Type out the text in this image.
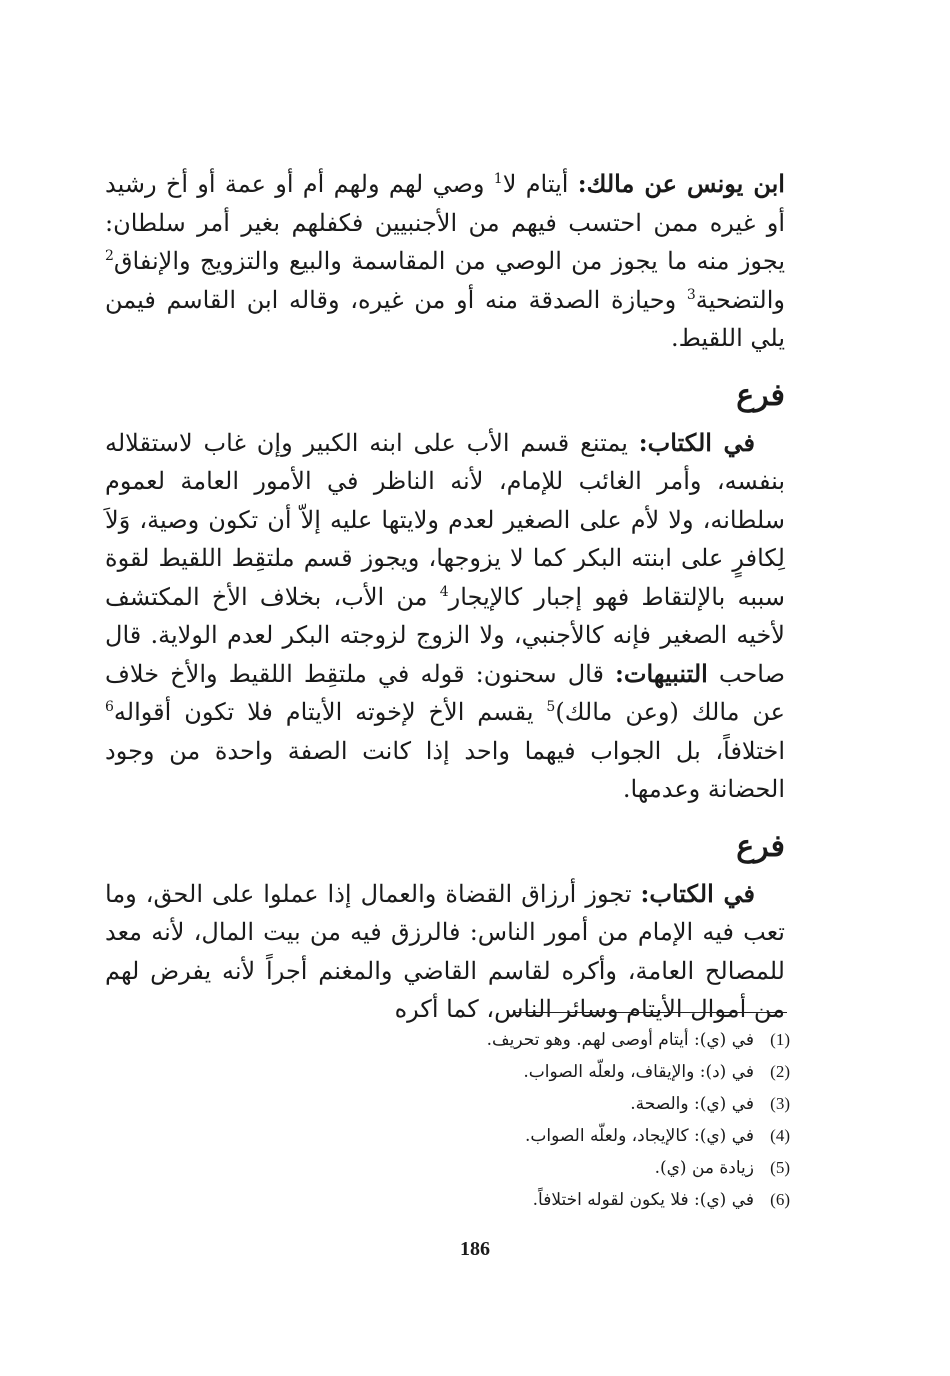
ابن يونس عن مالك: أيتام لا$^1$ وصي لهم ولهم أم أو عمة أو أخ رشيد أو غيره ممن احتسب فيهم من الأجنبيين فكفلهم بغير أمر سلطان: يجوز منه ما يجوز من الوصي من المقاسمة والبيع والتزويج والإنفاق$^2$ والتضحية$^3$ وحيازة الصدقة منه أو من غيره، وقاله ابن القاسم فيمن يلي اللقيط.

فرع

في الكتاب: يمتنع قسم الأب على ابنه الكبير وإن غاب لاستقلاله بنفسه، وأمر الغائب للإمام، لأنه الناظر في الأمور العامة لعموم سلطانه، ولا لأم على الصغير لعدم ولايتها عليه إلاّ أن تكون وصية، وَلاَ لِكافرٍ على ابنته البكر كما لا يزوجها، ويجوز قسم ملتقِط اللقيط لقوة سببه بالإلتقاط فهو إجبار كالإيجار$^4$ من الأب، بخلاف الأخ المكتشف لأخيه الصغير فإنه كالأجنبي، ولا الزوج لزوجته البكر لعدم الولاية. قال صاحب التنبيهات: قال سحنون: قوله في ملتقِط اللقيط والأخ خلاف عن مالك (وعن مالك)$^5$ يقسم الأخ لإخوته الأيتام فلا تكون أقواله$^6$ اختلافاً، بل الجواب فيهما واحد إذا كانت الصفة واحدة من وجود الحضانة وعدمها.

فرع

في الكتاب: تجوز أرزاق القضاة والعمال إذا عملوا على الحق، وما تعب فيه الإمام من أمور الناس: فالرزق فيه من بيت المال، لأنه معد للمصالح العامة، وأكره لقاسم القاضي والمغنم أجراً لأنه يفرض لهم من أموال الأيتام وسائر الناس، كما أكره

(1)
في (ي): أيتام أوصى لهم. وهو تحريف.
(2)
في (د): والإيقاف، ولعلّه الصواب.
(3)
في (ي): والصحة.
(4)
في (ي): كالإيجاد، ولعلّه الصواب.
(5)
زيادة من (ي).
(6)
في (ي): فلا يكون لقوله اختلافاً.
186
